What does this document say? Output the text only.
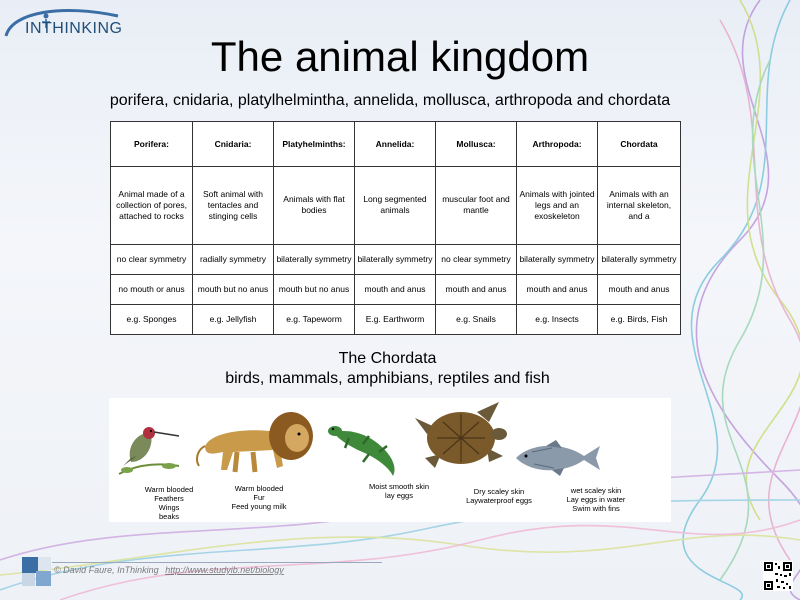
INTHINKING
The animal kingdom
porifera, cnidaria, platylhelmintha, annelida, mollusca, arthropoda and chordata
Porifera:	Cnidaria:	Platyhelminths:	Annelida:	Mollusca:	Arthropoda:	Chordata
Animal made of a collection of pores, attached to rocks	Soft animal with tentacles and stinging cells	Animals with flat bodies	Long segmented animals	muscular foot and mantle	Animals with jointed legs and an exoskeleton	Animals with an internal skeleton, and a
no clear symmetry	radially symmetry	bilaterally symmetry	bilaterally symmetry	no clear symmetry	bilaterally symmetry	bilaterally symmetry
no mouth or anus	mouth but no anus	mouth but no anus	mouth and anus	mouth and anus	mouth and anus	mouth and anus
e.g. Sponges	e.g. Jellyfish	e.g. Tapeworm	E.g. Earthworm	e.g. Snails	e.g. Insects	e.g. Birds, Fish
The Chordata
birds, mammals, amphibians, reptiles and fish

Warm blooded
Feathers
Wings
beaks

Warm blooded
Fur
Feed young milk

Moist smooth skin
lay eggs
	Dry scaley skin
Laywaterproof eggs
wet scaley skin
Lay eggs in water
Swim with fins
© David Faure, InThinking http://www.studyib.net/biology
